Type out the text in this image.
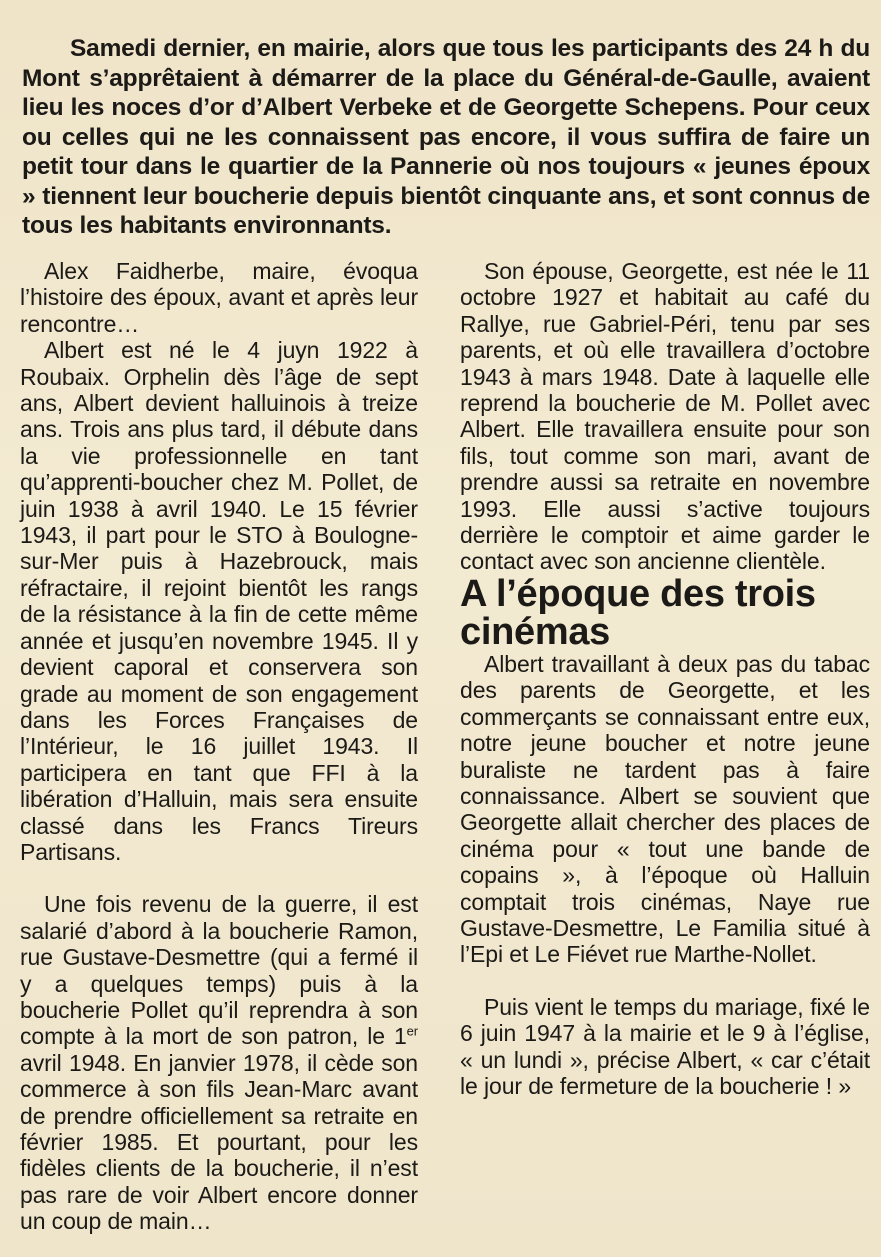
Samedi dernier, en mairie, alors que tous les participants des 24 h du Mont s’apprêtaient à démarrer de la place du Général-de-Gaulle, avaient lieu les noces d’or d’Albert Verbeke et de Georgette Schepens. Pour ceux ou celles qui ne les connaissent pas encore, il vous suffira de faire un petit tour dans le quartier de la Pannerie où nos toujours « jeunes époux » tiennent leur boucherie depuis bientôt cinquante ans, et sont connus de tous les habitants environnants.

Alex Faidherbe, maire, évoqua l’histoire des époux, avant et après leur rencontre…

Albert est né le 4 juyn 1922 à Roubaix. Orphelin dès l’âge de sept ans, Albert devient halluinois à treize ans. Trois ans plus tard, il débute dans la vie professionnelle en tant qu’apprenti-boucher chez M. Pollet, de juin 1938 à avril 1940. Le 15 février 1943, il part pour le STO à Boulogne-sur-Mer puis à Hazebrouck, mais réfractaire, il rejoint bientôt les rangs de la résistance à la fin de cette même année et jusqu’en novembre 1945. Il y devient caporal et conservera son grade au moment de son engagement dans les Forces Françaises de l’Intérieur, le 16 juillet 1943. Il participera en tant que FFI à la libération d’Halluin, mais sera ensuite classé dans les Francs Tireurs Partisans.

Une fois revenu de la guerre, il est salarié d’abord à la boucherie Ramon, rue Gustave-Desmettre (qui a fermé il y a quelques temps) puis à la boucherie Pollet qu’il reprendra à son compte à la mort de son patron, le 1er avril 1948. En janvier 1978, il cède son commerce à son fils Jean-Marc avant de prendre officiellement sa retraite en février 1985. Et pourtant, pour les fidèles clients de la boucherie, il n’est pas rare de voir Albert encore donner un coup de main…

Son épouse, Georgette, est née le 11 octobre 1927 et habitait au café du Rallye, rue Gabriel-Péri, tenu par ses parents, et où elle travaillera d’octobre 1943 à mars 1948. Date à laquelle elle reprend la boucherie de M. Pollet avec Albert. Elle travaillera ensuite pour son fils, tout comme son mari, avant de prendre aussi sa retraite en novembre 1993. Elle aussi s’active toujours derrière le comptoir et aime garder le contact avec son ancienne clientèle.

A l’époque des trois cinémas

Albert travaillant à deux pas du tabac des parents de Georgette, et les commerçants se connaissant entre eux, notre jeune boucher et notre jeune buraliste ne tardent pas à faire connaissance. Albert se souvient que Georgette allait chercher des places de cinéma pour « tout une bande de copains », à l’époque où Halluin comptait trois cinémas, Naye rue Gustave-Desmettre, Le Familia situé à l’Epi et Le Fiévet rue Marthe-Nollet.

Puis vient le temps du mariage, fixé le 6 juin 1947 à la mairie et le 9 à l’église, « un lundi », précise Albert, « car c’était le jour de fermeture de la boucherie ! »
